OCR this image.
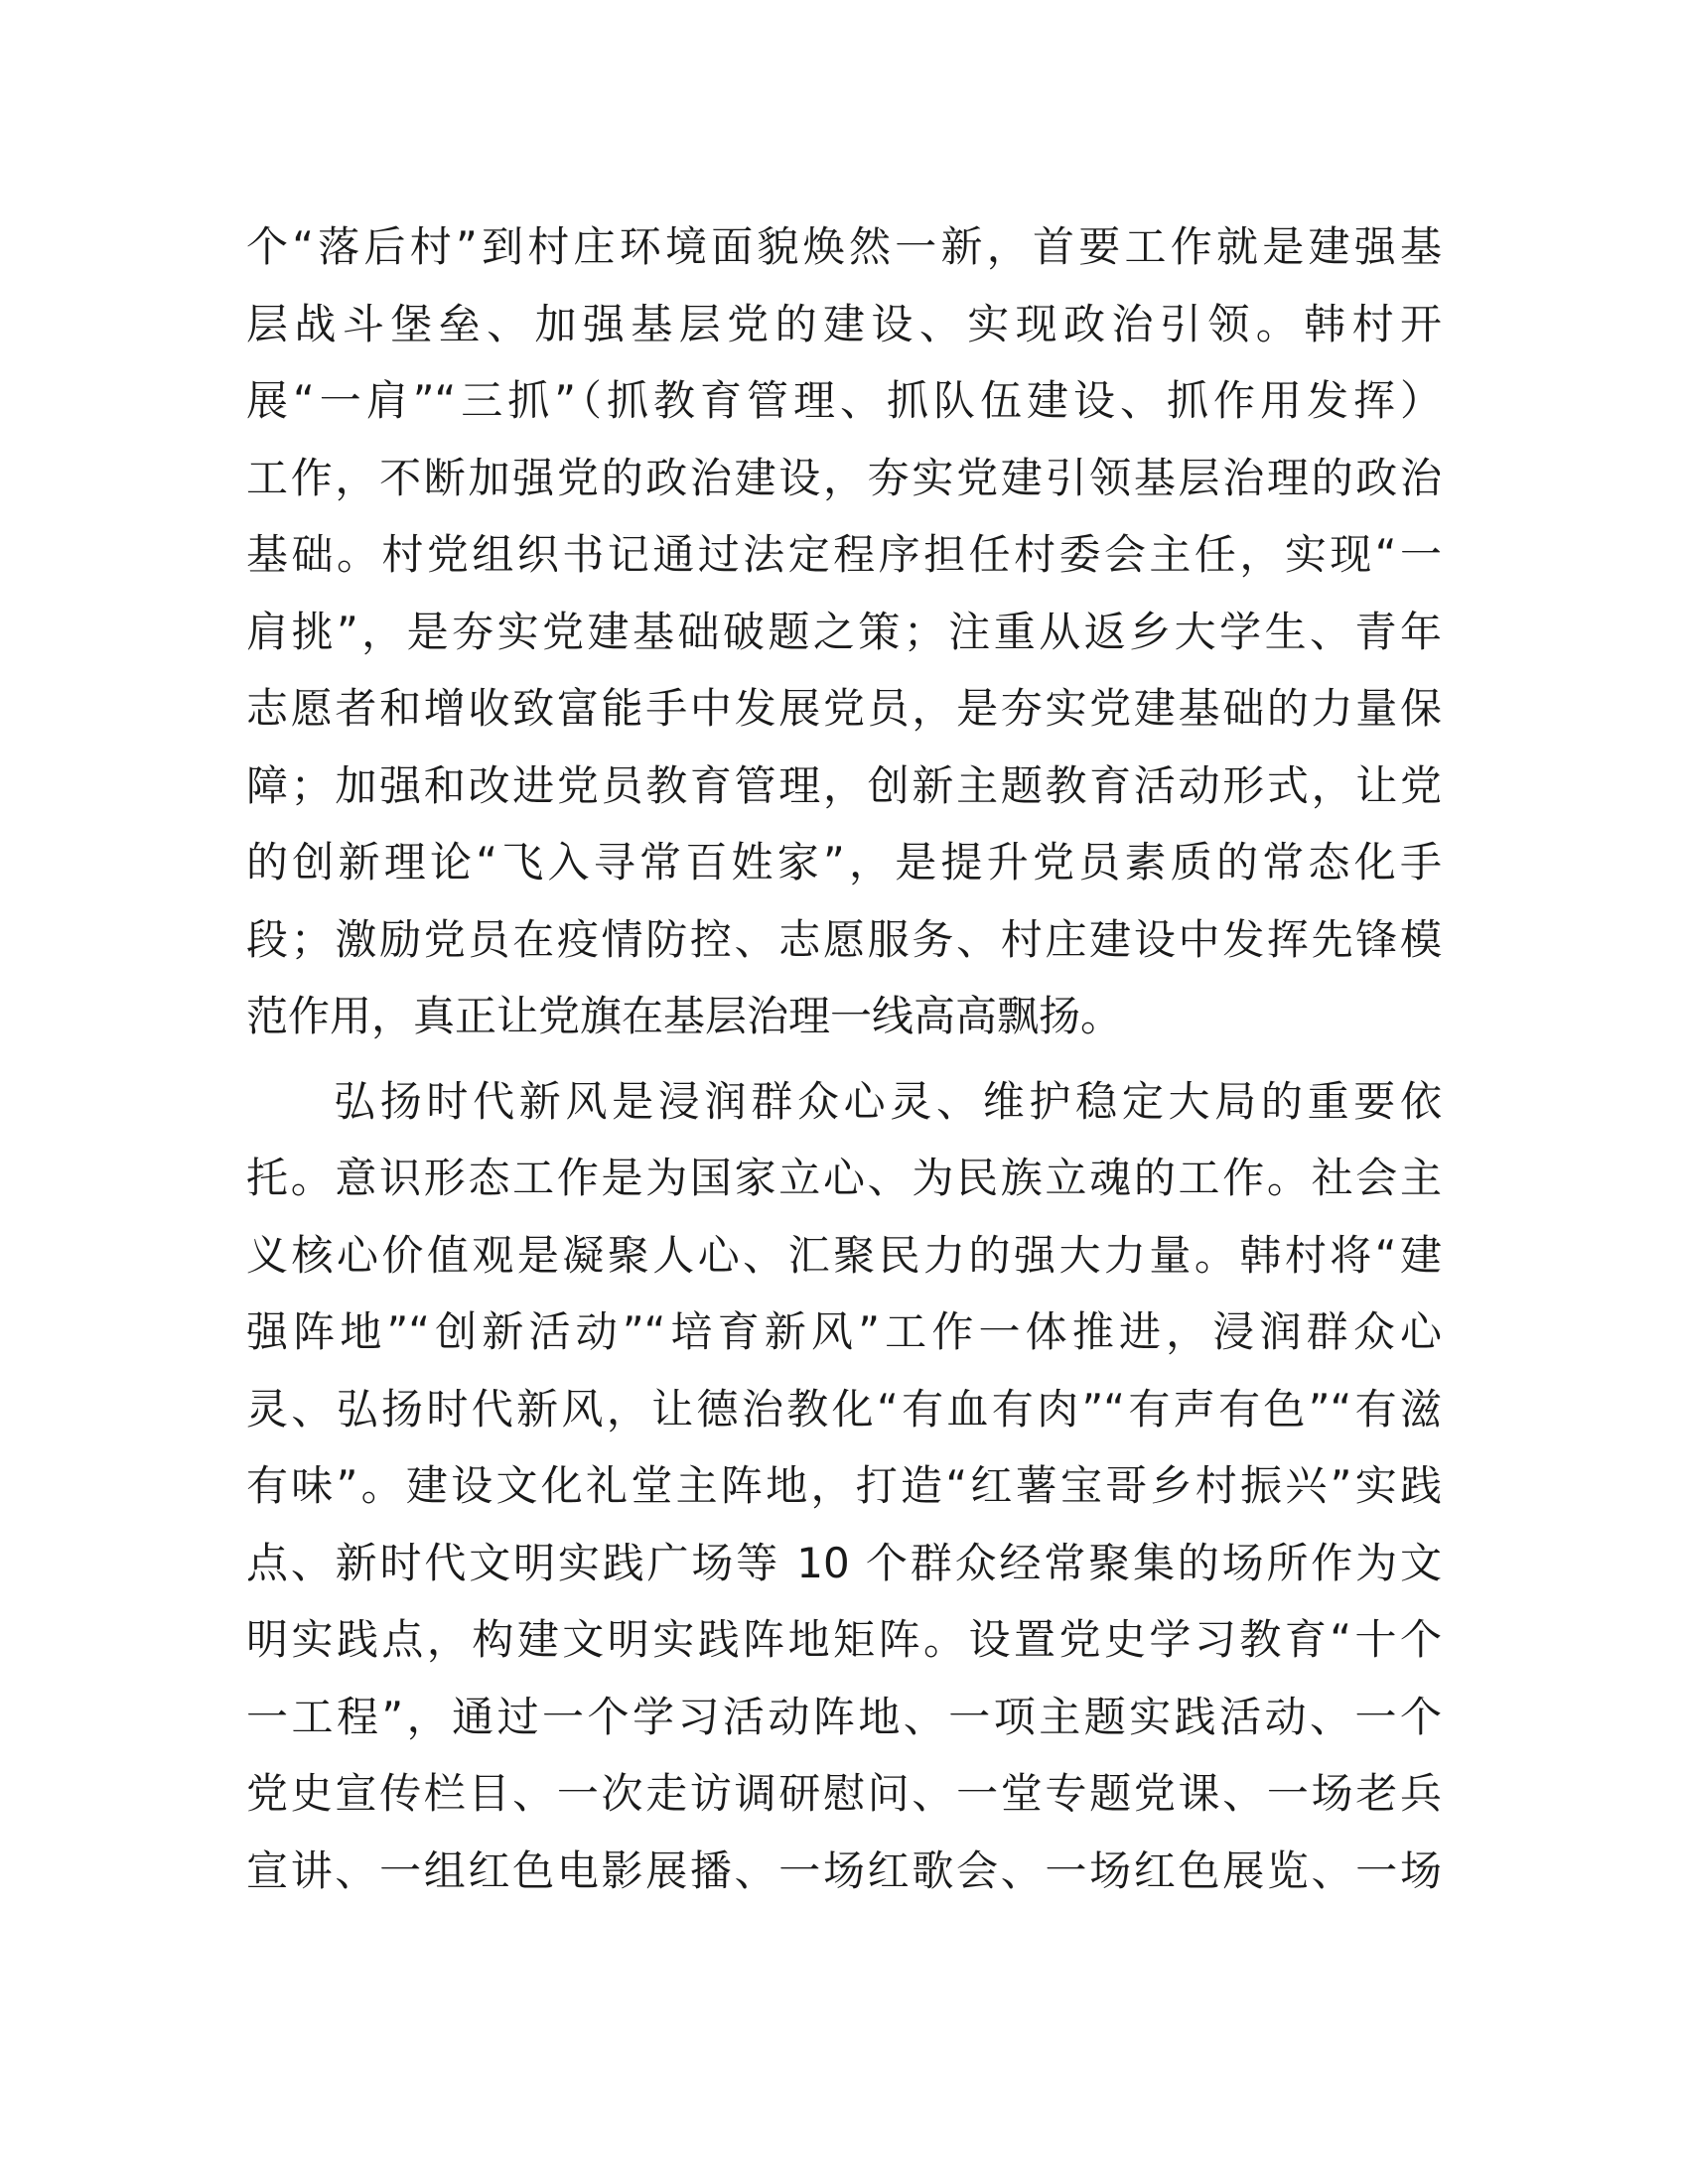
个“落后村”到村庄环境面貌焕然一新，首要工作就是建强基
层战斗堡垒、加强基层党的建设、实现政治引领。韩村开
展“一肩”“三抓”（抓教育管理、抓队伍建设、抓作用发挥）
工作，不断加强党的政治建设，夯实党建引领基层治理的政治
基础。村党组织书记通过法定程序担任村委会主任，实现“一
肩挑”，是夯实党建基础破题之策；注重从返乡大学生、青年
志愿者和增收致富能手中发展党员，是夯实党建基础的力量保
障；加强和改进党员教育管理，创新主题教育活动形式，让党
的创新理论“飞入寻常百姓家”，是提升党员素质的常态化手
段；激励党员在疫情防控、志愿服务、村庄建设中发挥先锋模
范作用，真正让党旗在基层治理一线高高飘扬。
弘扬时代新风是浸润群众心灵、维护稳定大局的重要依
托。意识形态工作是为国家立心、为民族立魂的工作。社会主
义核心价值观是凝聚人心、汇聚民力的强大力量。韩村将“建
强阵地”“创新活动”“培育新风”工作一体推进，浸润群众心
灵、弘扬时代新风，让德治教化“有血有肉”“有声有色”“有滋
有味”。建设文化礼堂主阵地，打造“红薯宝哥乡村振兴”实践
点、新时代文明实践广场等 10 个群众经常聚集的场所作为文
明实践点，构建文明实践阵地矩阵。设置党史学习教育“十个
一工程”，通过一个学习活动阵地、一项主题实践活动、一个
党史宣传栏目、一次走访调研慰问、一堂专题党课、一场老兵
宣讲、一组红色电影展播、一场红歌会、一场红色展览、一场
